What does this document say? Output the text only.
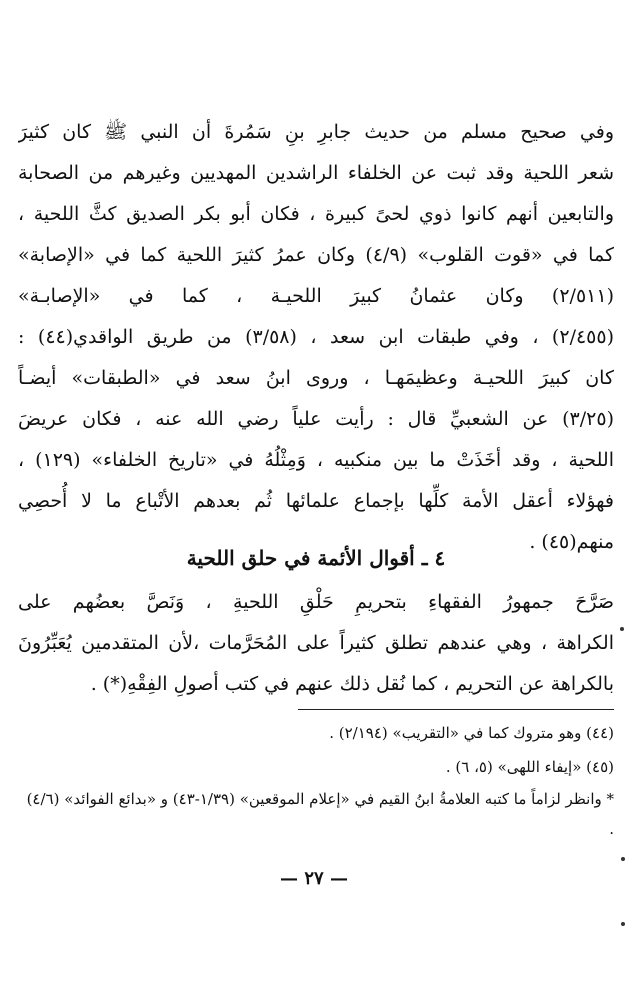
وفي صحيح مسلم من حديث جابرِ بنِ سَمُرةَ أن النبي ﷺ كان كثيرَ
شعر اللحية وقد ثبت عن الخلفاء الراشدين المهديين وغيرهم من الصحابة
والتابعين أنهم كانوا ذوي لحىً كبيرة ، فكان أبو بكر الصديق كثَّ اللحية ،
كما في «قوت القلوب» (٤/٩) وكان عمرُ كثيرَ اللحية كما في «الإصابة»
(٢/٥١١) وكان عثمانُ كبيرَ اللحيـة ، كما في «الإصابـة»
(٢/٤٥٥) ، وفي طبقات ابن سعد ، (٣/٥٨) من طريق الواقدي(٤٤) :
كان كبيرَ اللحيـة وعظيمَهـا ، وروى ابنُ سعد في «الطبقات» أيضـاً
(٣/٢٥) عن الشعبيِّ قال : رأيت علياً رضي الله عنه ، فكان عريضَ
اللحية ، وقد أخَذَتْ ما بين منكبيه ، وَمِثْلُهُ في «تاريخ الخلفاء» (١٢٩) ،
فهؤلاء أعقل الأمة كلِّها بإجماع علمائها ثُم بعدهم الأتْباع ما لا أُحصِي
منهم(٤٥) .
٤ ـ أقوال الأئمة في حلق اللحية
صَرَّحَ جمهورُ الفقهاءِ بتحريمِ حَلْقِ اللحيةِ ، وَنَصَّ بعضُهم على
الكراهة ، وهي عندهم تطلق كثيراً على المُحَرَّمات ،لأن المتقدمين يُعَبِّرُونَ
بالكراهة عن التحريم ، كما نُقل ذلك عنهم في كتب أصولِ الفِقْهِ(*) .
(٤٤) وهو متروك كما في «التقريب» (٢/١٩٤) .
(٤٥) «إيفاء اللهى» (٥، ٦) .
* وانظر لزاماً ما كتبه العلامةُ ابنُ القيم في «إعلام الموقعين» (١/٣٩-٤٣) و «بدائع الفوائد» (٤/٦) .
— ٢٧ —
